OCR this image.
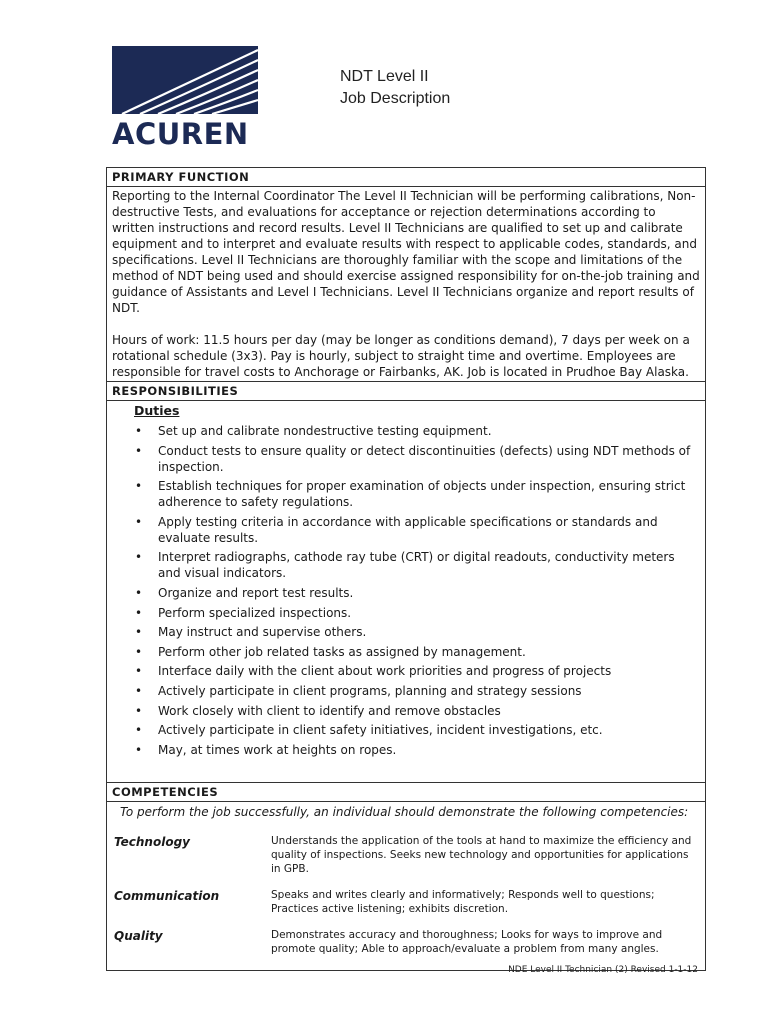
ACUREN
NDT Level II
Job Description
PRIMARY FUNCTION

Reporting to the Internal Coordinator The Level II Technician will be performing calibrations, Non-destructive Tests, and evaluations for acceptance or rejection determinations according to written instructions and record results. Level II Technicians are qualified to set up and calibrate equipment and to interpret and evaluate results with respect to applicable codes, standards, and specifications. Level II Technicians are thoroughly familiar with the scope and limitations of the method of NDT being used and should exercise assigned responsibility for on-the-job training and guidance of Assistants and Level I Technicians. Level II Technicians organize and report results of NDT.

Hours of work: 11.5 hours per day (may be longer as conditions demand), 7 days per week on a rotational schedule (3x3). Pay is hourly, subject to straight time and overtime. Employees are responsible for travel costs to Anchorage or Fairbanks, AK. Job is located in Prudhoe Bay Alaska.

RESPONSIBILITIES
Duties
• Set up and calibrate nondestructive testing equipment.
• Conduct tests to ensure quality or detect discontinuities (defects) using NDT methods of inspection.
• Establish techniques for proper examination of objects under inspection, ensuring strict adherence to safety regulations.
• Apply testing criteria in accordance with applicable specifications or standards and evaluate results.
• Interpret radiographs, cathode ray tube (CRT) or digital readouts, conductivity meters and visual indicators.
• Organize and report test results.
• Perform specialized inspections.
• May instruct and supervise others.
• Perform other job related tasks as assigned by management.
• Interface daily with the client about work priorities and progress of projects
• Actively participate in client programs, planning and strategy sessions
• Work closely with client to identify and remove obstacles
• Actively participate in client safety initiatives, incident investigations, etc.
• May, at times work at heights on ropes.
COMPETENCIES
To perform the job successfully, an individual should demonstrate the following competencies:
Technology	Understands the application of the tools at hand to maximize the efficiency and quality of inspections. Seeks new technology and opportunities for applications in GPB.
Communication	Speaks and writes clearly and informatively; Responds well to questions; Practices active listening; exhibits discretion.
Quality	Demonstrates accuracy and thoroughness; Looks for ways to improve and promote quality; Able to approach/evaluate a problem from many angles.
NDE Level II Technician (2) Revised 1-1-12
